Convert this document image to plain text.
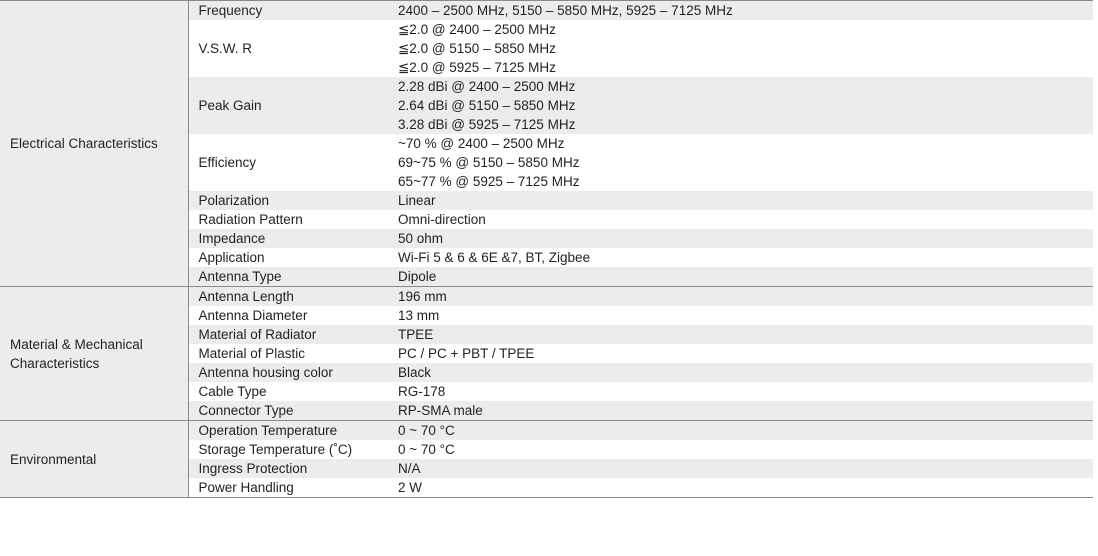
Electrical Characteristics	Frequency	2400 – 2500 MHz, 5150 – 5850 MHz, 5925 – 7125 MHz

	V.S.W. R	≦2.0 @ 2400 – 2500 MHz
≦2.0 @ 5150 – 5850 MHz
≦2.0 @ 5925 – 7125 MHz

	Peak Gain	2.28 dBi @ 2400 – 2500 MHz
2.64 dBi @ 5150 – 5850 MHz
3.28 dBi @ 5925 – 7125 MHz

	Efficiency	~70 % @ 2400 – 2500 MHz
69~75 % @ 5150 – 5850 MHz
65~77 % @ 5925 – 7125 MHz

	Polarization	Linear

	Radiation Pattern	Omni-direction

	Impedance	50 ohm

	Application	Wi-Fi 5 & 6 & 6E &7, BT, Zigbee

	Antenna Type	Dipole

Material & Mechanical Characteristics	Antenna Length	196 mm

	Antenna Diameter	13 mm

	Material of Radiator	TPEE

	Material of Plastic	PC / PC + PBT / TPEE

	Antenna housing color	Black

	Cable Type	RG-178

	Connector Type	RP-SMA male

Environmental	Operation Temperature	0 ~ 70 °C

	Storage Temperature (˚C)	0 ~ 70 °C

	Ingress Protection	N/A

	Power Handling	2 W
